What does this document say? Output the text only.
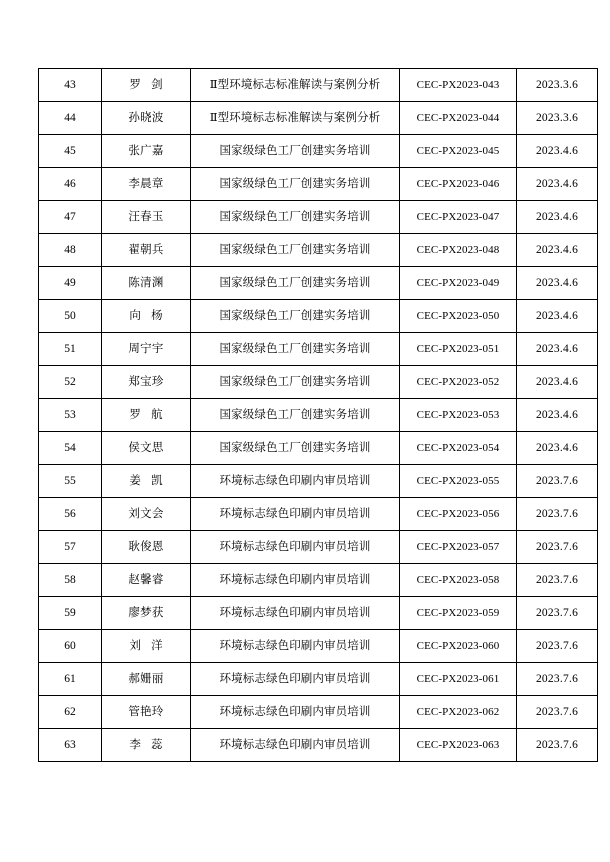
43	罗 剑	Ⅱ型环境标志标准解读与案例分析	CEC-PX2023-043	2023.3.6
44	孙晓波	Ⅱ型环境标志标准解读与案例分析	CEC-PX2023-044	2023.3.6
45	张广嘉	国家级绿色工厂创建实务培训	CEC-PX2023-045	2023.4.6
46	李晨章	国家级绿色工厂创建实务培训	CEC-PX2023-046	2023.4.6
47	汪春玉	国家级绿色工厂创建实务培训	CEC-PX2023-047	2023.4.6
48	翟朝兵	国家级绿色工厂创建实务培训	CEC-PX2023-048	2023.4.6
49	陈清渊	国家级绿色工厂创建实务培训	CEC-PX2023-049	2023.4.6
50	向 杨	国家级绿色工厂创建实务培训	CEC-PX2023-050	2023.4.6
51	周宁宇	国家级绿色工厂创建实务培训	CEC-PX2023-051	2023.4.6
52	郑宝珍	国家级绿色工厂创建实务培训	CEC-PX2023-052	2023.4.6
53	罗 航	国家级绿色工厂创建实务培训	CEC-PX2023-053	2023.4.6
54	侯文思	国家级绿色工厂创建实务培训	CEC-PX2023-054	2023.4.6
55	姜 凯	环境标志绿色印刷内审员培训	CEC-PX2023-055	2023.7.6
56	刘文会	环境标志绿色印刷内审员培训	CEC-PX2023-056	2023.7.6
57	耿俊恩	环境标志绿色印刷内审员培训	CEC-PX2023-057	2023.7.6
58	赵馨睿	环境标志绿色印刷内审员培训	CEC-PX2023-058	2023.7.6
59	廖梦获	环境标志绿色印刷内审员培训	CEC-PX2023-059	2023.7.6
60	刘 洋	环境标志绿色印刷内审员培训	CEC-PX2023-060	2023.7.6
61	郝姗丽	环境标志绿色印刷内审员培训	CEC-PX2023-061	2023.7.6
62	管艳玲	环境标志绿色印刷内审员培训	CEC-PX2023-062	2023.7.6
63	李 蕊	环境标志绿色印刷内审员培训	CEC-PX2023-063	2023.7.6
